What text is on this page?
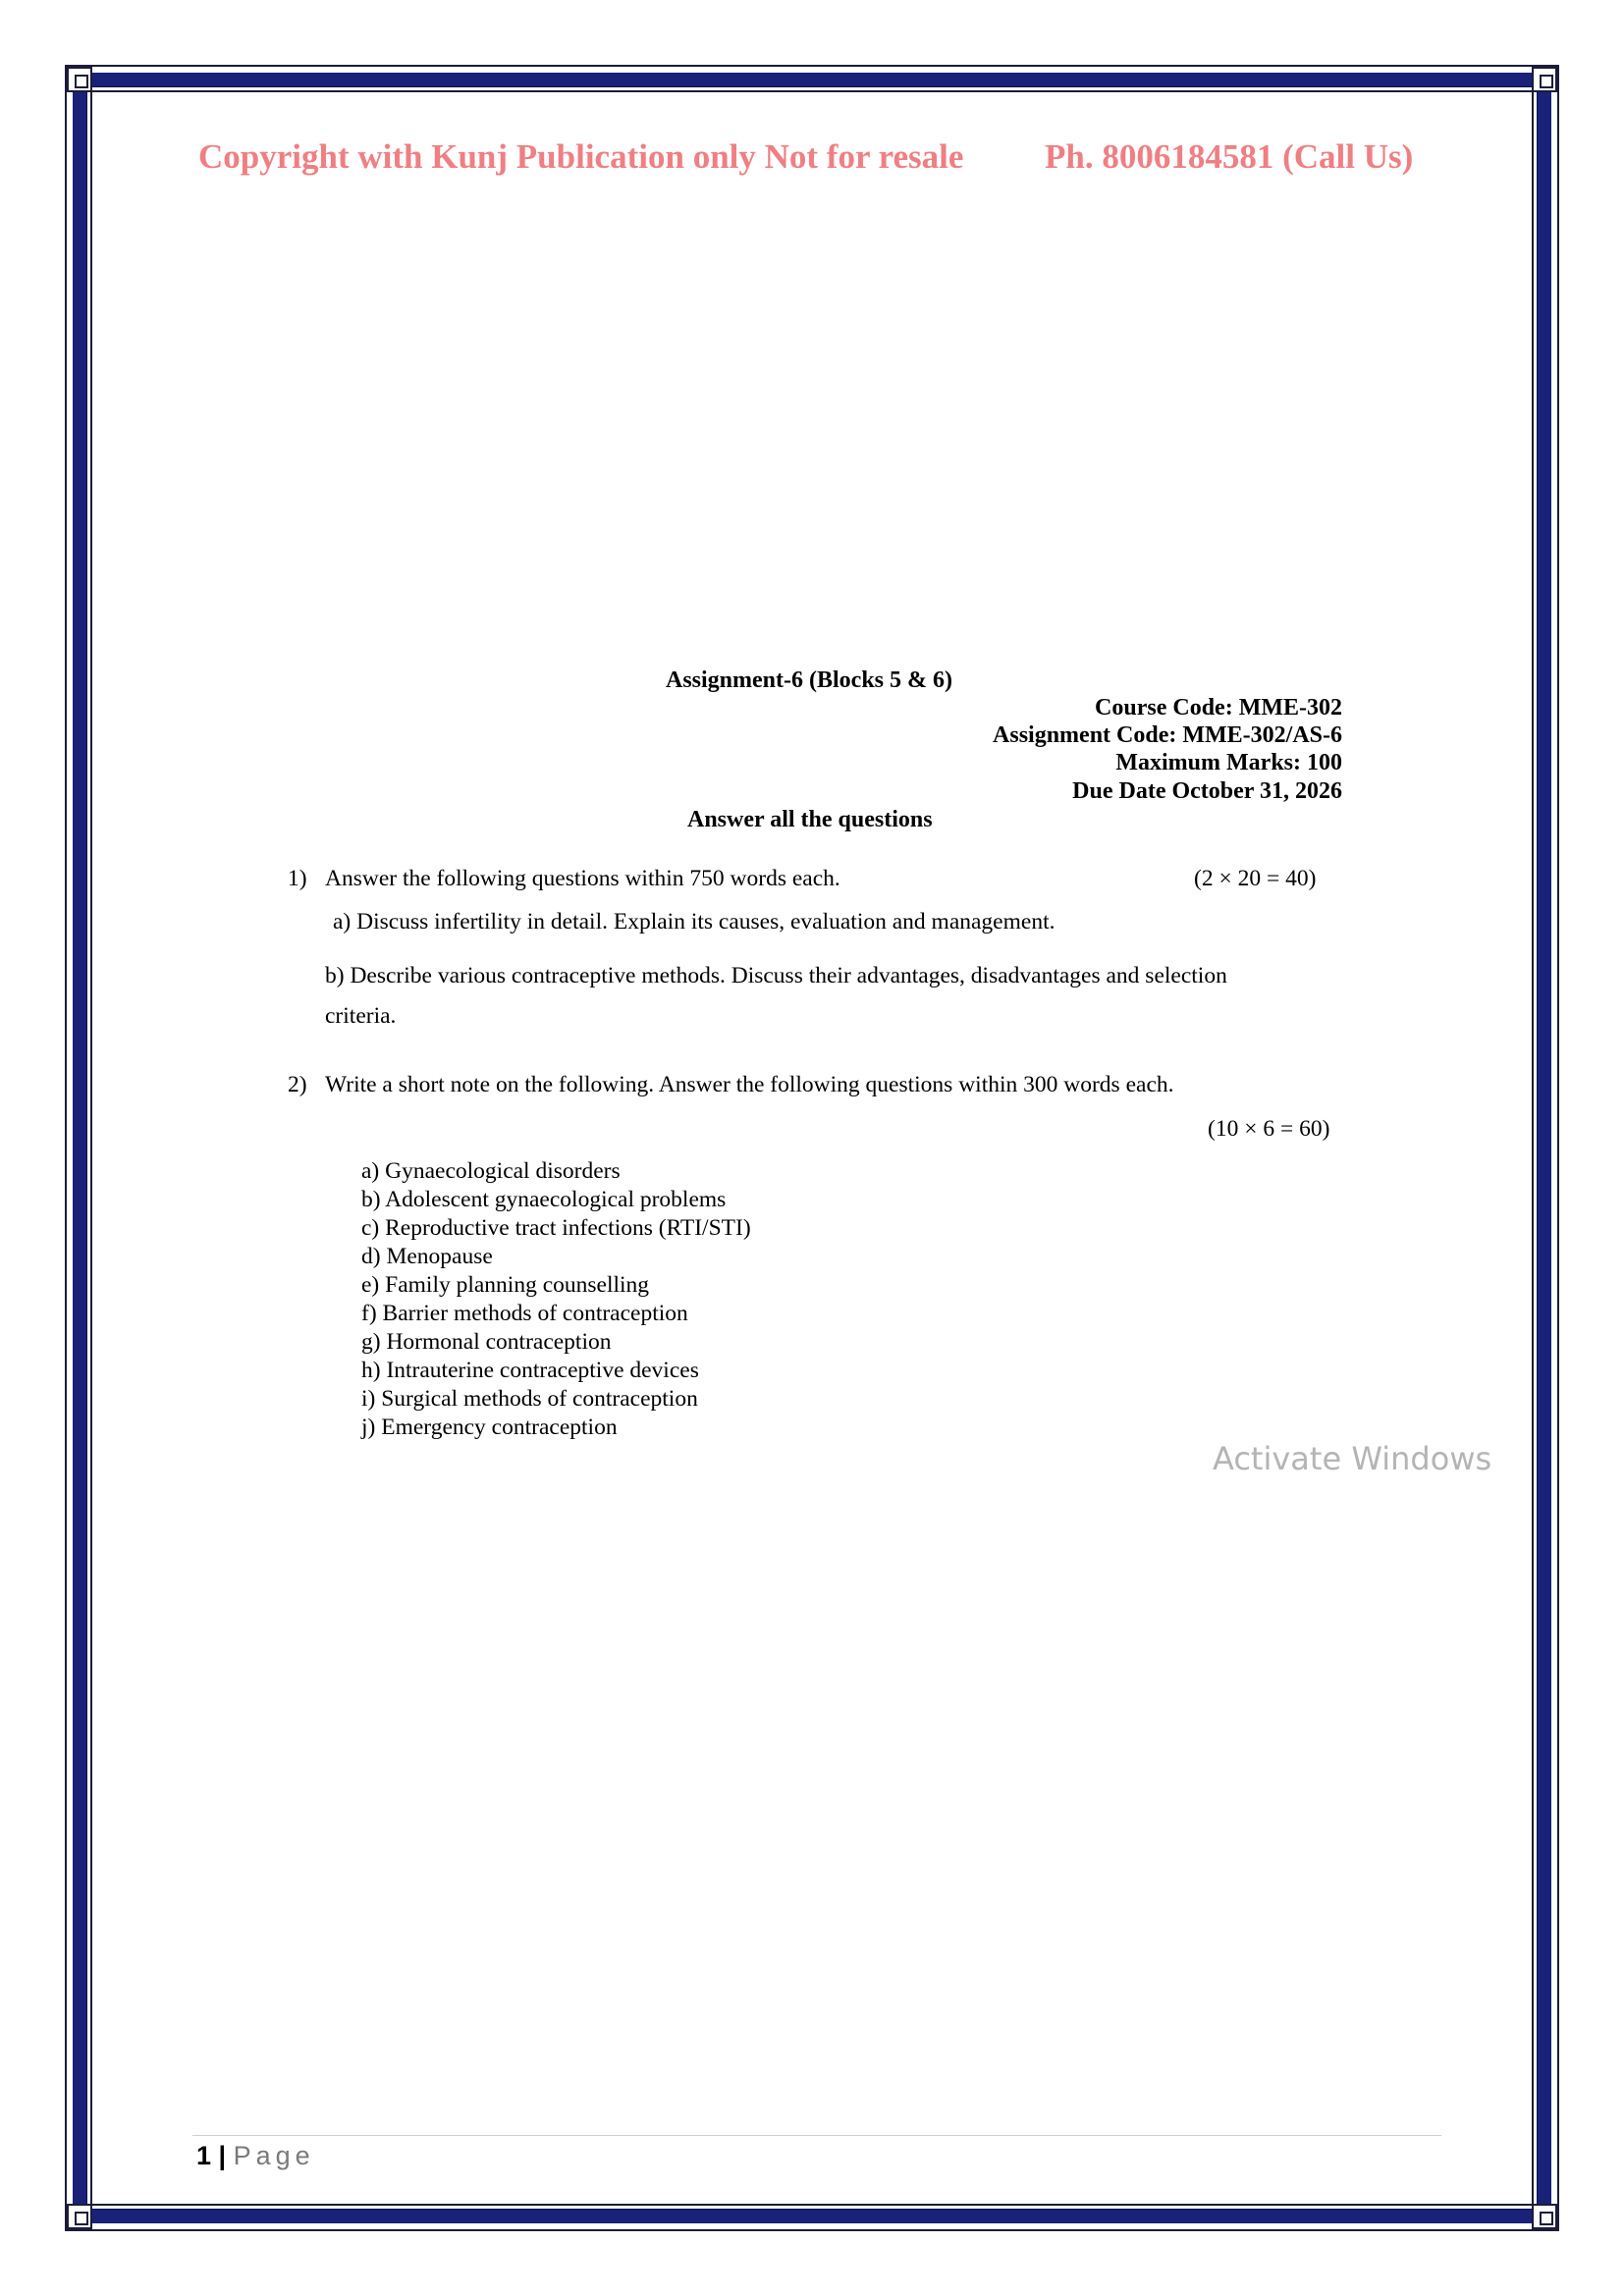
Copyright with Kunj Publication only Not for resale Ph. 8006184581 (Call Us)
Assignment-6 (Blocks 5 & 6)
Course Code: MME-302
Assignment Code: MME-302/AS-6
Maximum Marks: 100
Due Date October 31, 2026
Answer all the questions
1) Answer the following questions within 750 words each.	(2 × 20 = 40)
a) Discuss infertility in detail. Explain its causes, evaluation and management.
b) Describe various contraceptive methods. Discuss their advantages, disadvantages and selection
criteria.
2) Write a short note on the following. Answer the following questions within 300 words each.
(10 × 6 = 60)
a) Gynaecological disorders
b) Adolescent gynaecological problems
c) Reproductive tract infections (RTI/STI)
d) Menopause
e) Family planning counselling
f) Barrier methods of contraception
g) Hormonal contraception
h) Intrauterine contraceptive devices
i) Surgical methods of contraception
j) Emergency contraception
Activate Windows
1 | Page
